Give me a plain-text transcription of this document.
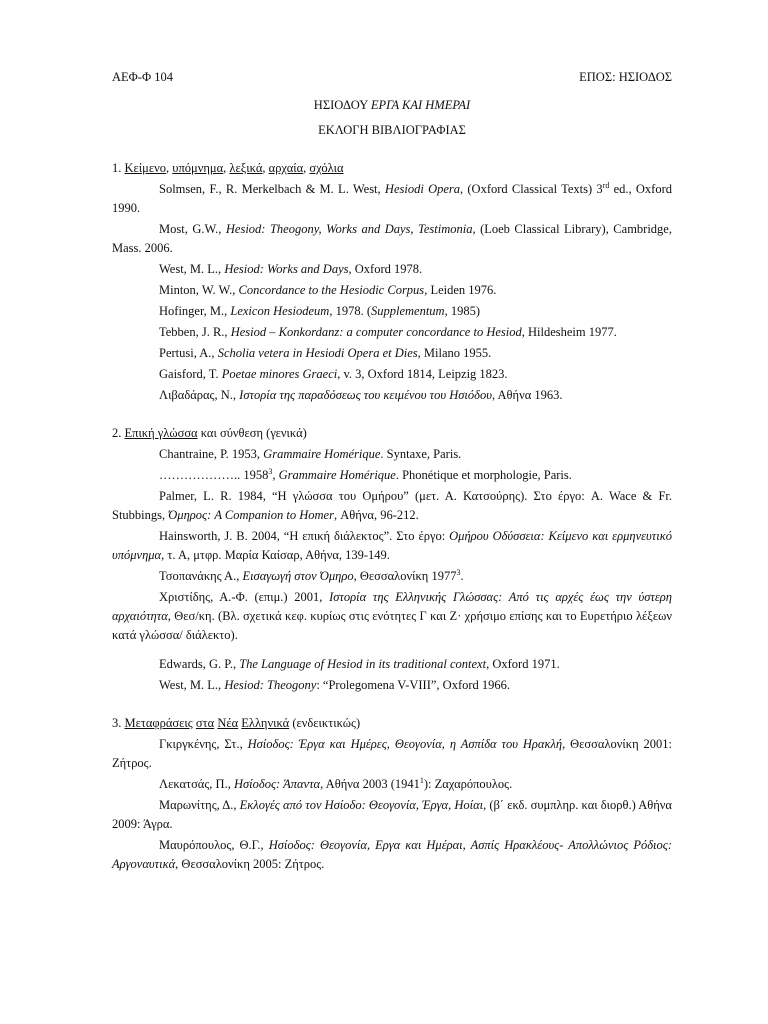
ΑΕΦ-Φ 104	ΕΠΟΣ: ΗΣΙΟΔΟΣ
ΗΣΙΟΔΟΥ ΕΡΓΑ ΚΑΙ ΗΜΕΡΑΙ
ΕΚΛΟΓΗ ΒΙΒΛΙΟΓΡΑΦΙΑΣ
1. Κείμενο, υπόμνημα, λεξικά, αρχαία, σχόλια

Solmsen, F., R. Merkelbach & M. L. West, Hesiodi Opera, (Oxford Classical Texts) 3rd ed., Oxford 1990.

Most, G.W., Hesiod: Theogony, Works and Days, Testimonia, (Loeb Classical Library), Cambridge, Mass. 2006.

West, M. L., Hesiod: Works and Days, Oxford 1978.

Minton, W. W., Concordance to the Hesiodic Corpus, Leiden 1976.

Hofinger, M., Lexicon Hesiodeum, 1978. (Supplementum, 1985)

Tebben, J. R., Hesiod – Konkordanz: a computer concordance to Hesiod, Hildesheim 1977.

Pertusi, A., Scholia vetera in Hesiodi Opera et Dies, Milano 1955.

Gaisford, T. Poetae minores Graeci, v. 3, Oxford 1814, Leipzig 1823.

Λιβαδάρας, Ν., Ιστορία της παραδόσεως του κειμένου του Ησιόδου, Αθήνα 1963.

2. Επική γλώσσα και σύνθεση (γενικά)

Chantraine, P. 1953, Grammaire Homérique. Syntaxe, Paris.

……………….. 1958$^3$, Grammaire Homérique. Phonétique et morphologie, Paris.

Palmer, L. R. 1984, “Η γλώσσα του Ομήρου” (μετ. Α. Κατσούρης). Στο έργο: A. Wace & Fr. Stubbings, Όμηρος: A Companion to Homer, Αθήνα, 96-212.

Hainsworth, J. B. 2004, “Η επική διάλεκτος”. Στο έργο: Ομήρου Οδύσσεια: Κείμενο και ερμηνευτικό υπόμνημα, τ. Α, μτφρ. Μαρία Καίσαρ, Αθήνα, 139-149.

Τσοπανάκης Α., Εισαγωγή στον Όμηρο, Θεσσαλονίκη 1977$^3$.

Χριστίδης, Α.-Φ. (επιμ.) 2001, Ιστορία της Ελληνικής Γλώσσας: Από τις αρχές έως την ύστερη αρχαιότητα, Θεσ/κη. (Βλ. σχετικά κεφ. κυρίως στις ενότητες Γ και Ζ· χρήσιμο επίσης και το Ευρετήριο λέξεων κατά γλώσσα/ διάλεκτο).

Edwards, G. P., The Language of Hesiod in its traditional context, Oxford 1971.

West, M. L., Hesiod: Theogony: “Prolegomena V-VIII”, Oxford 1966.

3. Μεταφράσεις στα Νέα Ελληνικά (ενδεικτικώς)

Γκιργκένης, Στ., Ησίοδος: Έργα και Ημέρες, Θεογονία, η Ασπίδα του Ηρακλή, Θεσσαλονίκη 2001: Ζήτρος.

Λεκατσάς, Π., Ησίοδος: Άπαντα, Αθήνα 2003 (1941$^1$): Ζαχαρόπουλος.

Μαρωνίτης, Δ., Εκλογές από τον Ησίοδο: Θεογονία, Έργα, Hοίαι, (β΄ εκδ. συμπληρ. και διορθ.) Αθήνα 2009: Άγρα.

Μαυρόπουλος, Θ.Γ., Ησίοδος: Θεογονία, Εργα και Ημέραι, Ασπίς Ηρακλέους- Απολλώνιος Ρόδιος: Αργοναυτικά, Θεσσαλονίκη 2005: Ζήτρος.
